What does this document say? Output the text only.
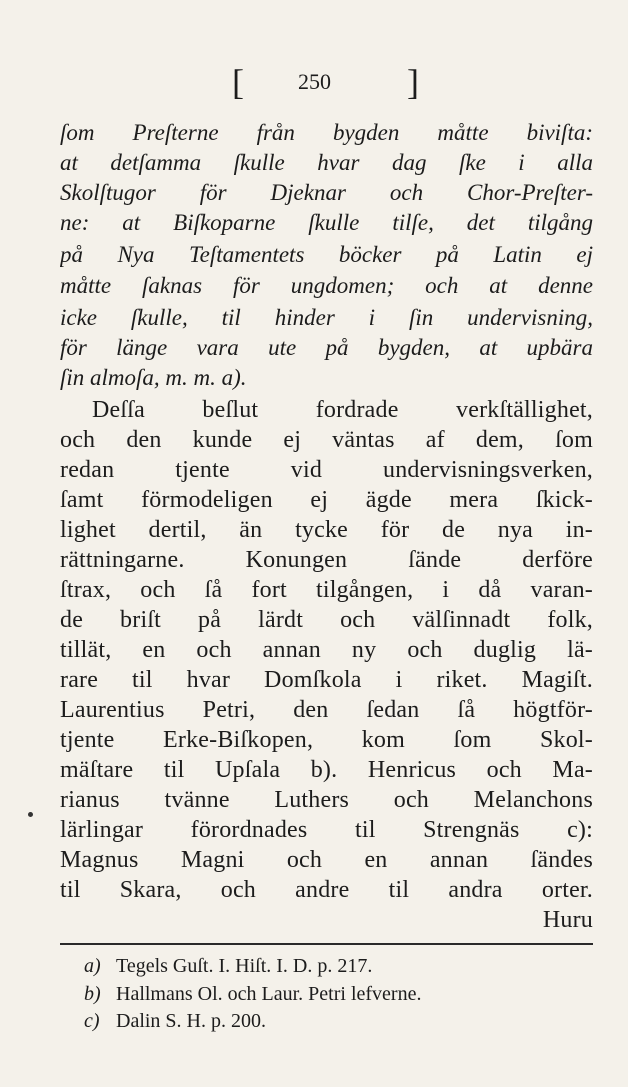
[ 250 ]
ſom Preſterne från bygden måtte biviſta:
at detſamma ſkulle hvar dag ſke i alla
Skolſtugor för Djeknar och Chor-Preſter-
ne: at Biſkoparne ſkulle tilſe, det tilgång
på Nya Teſtamentets böcker på Latin ej
måtte ſaknas för ungdomen; och at denne
icke ſkulle, til hinder i ſin undervisning,
för länge vara ute på bygden, at upbära
ſin almoſa, m. m. a).
Deſſa beſlut fordrade verkſtällighet,
och den kunde ej väntas af dem, ſom
redan tjente vid undervisningsverken,
ſamt förmodeligen ej ägde mera ſkick-
lighet dertil, än tycke för de nya in-
rättningarne. Konungen ſände derföre
ſtrax, och ſå fort tilgången, i då varan-
de briſt på lärdt och välſinnadt folk,
tillät, en och annan ny och duglig lä-
rare til hvar Domſkola i riket. Magiſt.
Laurentius Petri, den ſedan ſå högtför-
tjente Erke-Biſkopen, kom ſom Skol-
mäſtare til Upſala b). Henricus och Ma-
rianus tvänne Luthers och Melanchons
lärlingar förordnades til Strengnäs c):
Magnus Magni och en annan ſändes
til Skara, och andre til andra orter.
Huru
a) Tegels Guſt. I. Hiſt. I. D. p. 217.
b) Hallmans Ol. och Laur. Petri lefverne.
c) Dalin S. H. p. 200.
